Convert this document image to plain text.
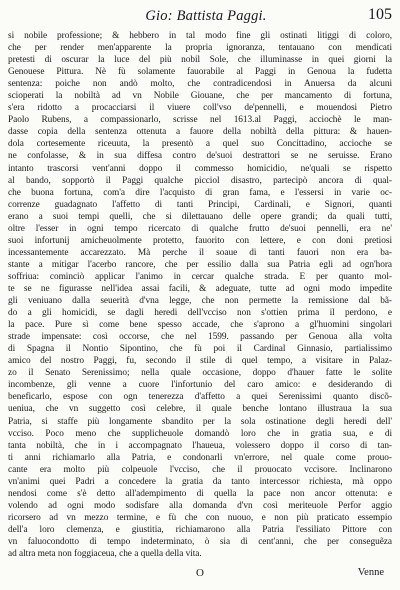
Gio: Battista Paggi.	105
si nobile professione; & hebbero in tal modo fine gli ostinati litiggi di coloro,
che per render men'apparente la propria ignoranza, tentauano con mendicati
pretesti di oscurar la luce del più nobil Sole, che illuminasse in quei giorni la
Genouese Pittura. Nè fù solamente fauorabile al Paggi in Genoua la fudetta
sentenza: poiche non andò molto, che contradicendosi in Anuersa da alcuni
scioperati la nobiltà ad vn Nobile Giouane, che per mancamento di fortuna,
s'era ridotto a procacciarsi il viuere coll'vso de'pennelli, e mouendosi Pietro
Paolo Rubens, a compassionarlo, scrisse nel 1613.al Paggi, acciochè le man-
dasse copia della sentenza ottenuta a fauore della nobiltà della pittura: & hauen-
dola cortesemente riceuuta, la presentò a quel suo Concittadino, accioche se
ne confolasse, & in sua diffesa contro de'suoi destrattori se ne seruisse. Erano
intanto trascorsi vent'anni doppo il commesso homicidio, ne'quali se rispetto
al bando, sopportò il Paggi qualche picciol disastro, partecipò ancora di qual-
che buona fortuna, com'a dire l'acquisto di gran fama, e l'essersi in varie oc-
correnze guadagnato l'affetto di tanti Principi, Cardinali, e Signori, quanti
erano a suoi tempi quelli, che si dilettauano delle opere grandi; da quali tutti,
oltre l'esser in ogni tempo ricercato di qualche frutto de'suoi pennelli, era ne'
suoi infortunij amicheuolmente protetto, fauorito con lettere, e con doni pretiosi
incessantemente accarezzato. Mà perche il soaue di tanti fauori non era ba-
stante a mitigar l'acerbo rancore, che per essilio dalla sua Patria egli ad ogn'hora
soffriua: cominciò applicar l'animo in cercar qualche strada. E per quanto mol-
te se ne figurasse nell'idea assai facili, & adeguate, tutte ad ogni modo impedite
gli veniuano dalla seuerità d'vna legge, che non permette la remissione dal bã-
do a gli homicidi, se dagli heredi dell'vcciso non s'ottien prima il perdono, e
la pace. Pure sì come bene spesso accade, che s'aprono a gl'huomini singolari
strade impensate: così occorse, che nel 1599. passando per Genoua alla volta
di Spagna il Nontio Sipontino, che fù poi il Cardinal Ginnasio, partialissimo
amico del nostro Paggi, fu, secondo il stile di quel tempo, a visitare in Palaz-
zo il Senato Serenissimo; nella quale occasione, doppo d'hauer fatte le solite
incombenze, gli venne a cuore l'infortunio del caro amico: e desiderando di
beneficarlo, espose con ogn tenerezza d'affetto a quei Serenissimi quanto discõ-
ueniua, che vn suggetto così celebre, il quale benche lontano illustraua la sua
Patria, si staffe più longamente sbandito per la sola ostinatione degli heredi dell'
vcciso. Poco meno che supplicheuole domandò loro che in gratia sua, e di
tanta nobiltà, che in i accompagnato l'haueua, volessero doppo il corso di tan-
ti anni richiamarlo alla Patria, e condonarli vn'errore, nel quale come prouo-
cante era molto più colpeuole l'vcciso, che il prouocato vccisore. Inclinarono
vn'animi quei Padri a concedere la gratia da tanto intercessor richiesta, mà oppo
nendosi come s'è detto all'adempimento di quella la pace non ancor ottenuta: e
volendo ad ogni modo sodisfare alla domanda d'vn così meriteuole Perfor aggio
ricorsero ad vn mezzo termine, e fù che con nuouo, e non più praticato essempio
dell'a loro clemenza, e giustitia, richiamarono alla Patria l'essiliato Pittore con
vn faluocondotto di tempo indeterminato, ò sia di cent'anni, che per conseguẽza
ad altra meta non foggiaceua, che a quella della vita.
O	Venne
